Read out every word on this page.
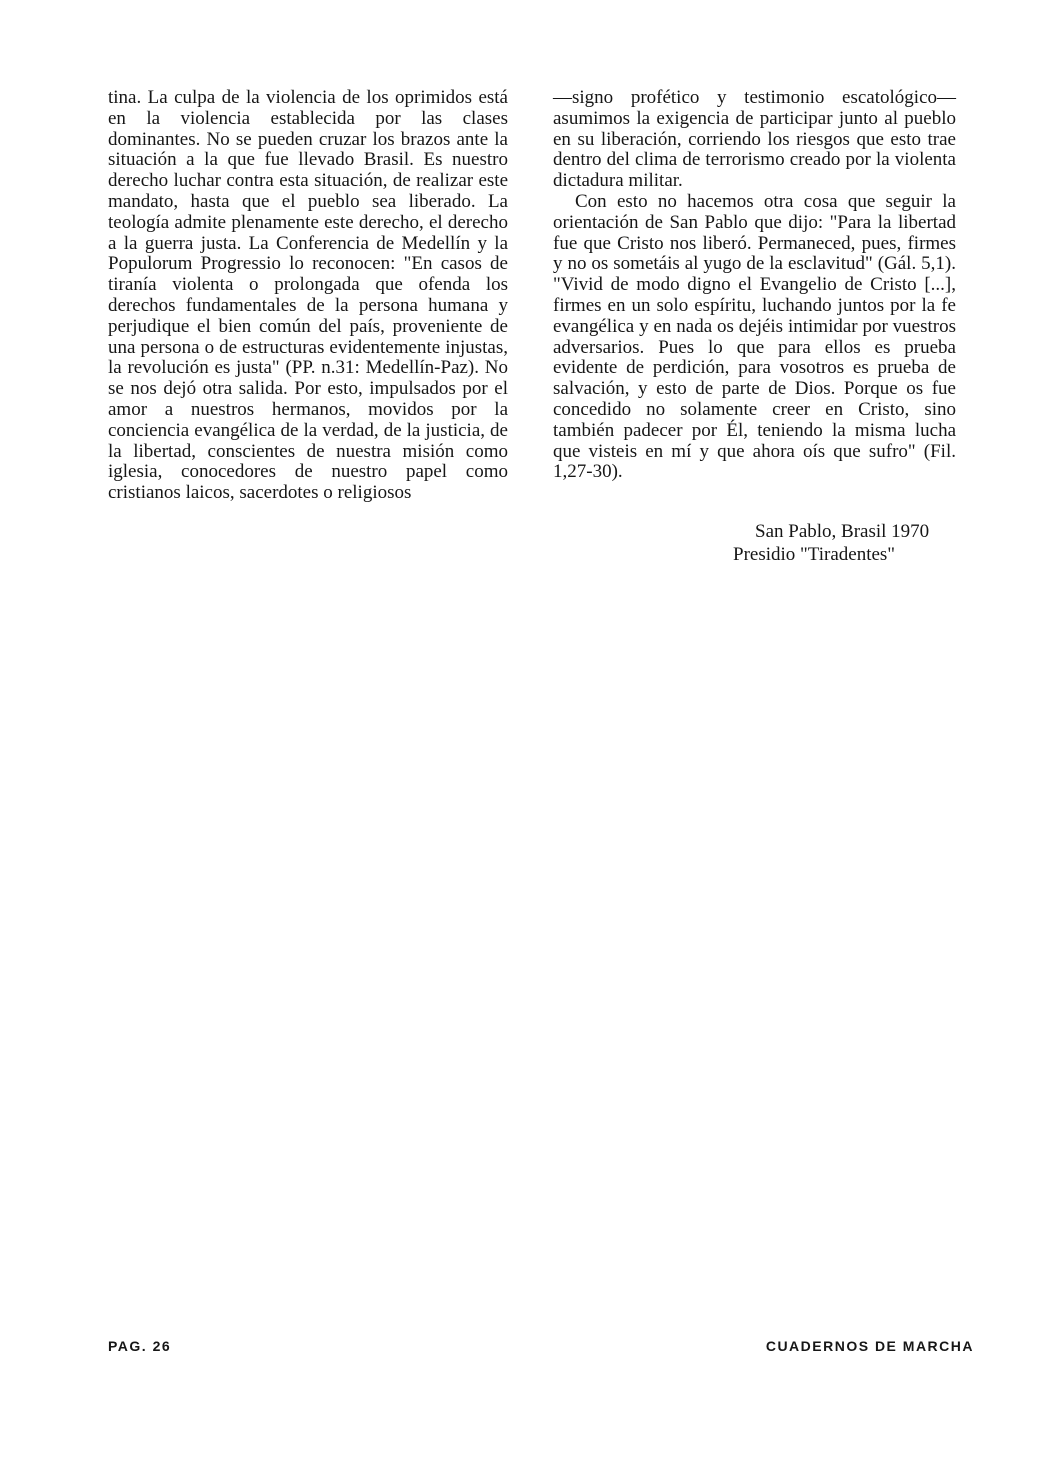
tina. La culpa de la violencia de los oprimidos está en la violencia establecida por las clases dominantes. No se pueden cruzar los brazos ante la situación a la que fue llevado Brasil. Es nuestro derecho luchar contra esta situación, de realizar este mandato, hasta que el pueblo sea liberado. La teología admite plenamente este derecho, el derecho a la guerra justa. La Conferencia de Medellín y la Populorum Progressio lo reconocen: "En casos de tiranía violenta o prolongada que ofenda los derechos fundamentales de la persona humana y perjudique el bien común del país, proveniente de una persona o de estructuras evidentemente injustas, la revolución es justa" (PP. n.31: Medellín-Paz). No se nos dejó otra salida. Por esto, impulsados por el amor a nuestros hermanos, movidos por la conciencia evangélica de la verdad, de la justicia, de la libertad, conscientes de nuestra misión como iglesia, conocedores de nuestro papel como cristianos laicos, sacerdotes o religiosos

—signo profético y testimonio escatológico— asumimos la exigencia de participar junto al pueblo en su liberación, corriendo los riesgos que esto trae dentro del clima de terrorismo creado por la violenta dictadura militar.

Con esto no hacemos otra cosa que seguir la orientación de San Pablo que dijo: "Para la libertad fue que Cristo nos liberó. Permaneced, pues, firmes y no os sometáis al yugo de la esclavitud" (Gál. 5,1). "Vivid de modo digno el Evangelio de Cristo [...], firmes en un solo espíritu, luchando juntos por la fe evangélica y en nada os dejéis intimidar por vuestros adversarios. Pues lo que para ellos es prueba evidente de perdición, para vosotros es prueba de salvación, y esto de parte de Dios. Porque os fue concedido no solamente creer en Cristo, sino también padecer por Él, teniendo la misma lucha que visteis en mí y que ahora oís que sufro" (Fil. 1,27-30).

San Pablo, Brasil 1970
Presidio "Tiradentes"
PAG. 26	CUADERNOS DE MARCHA
